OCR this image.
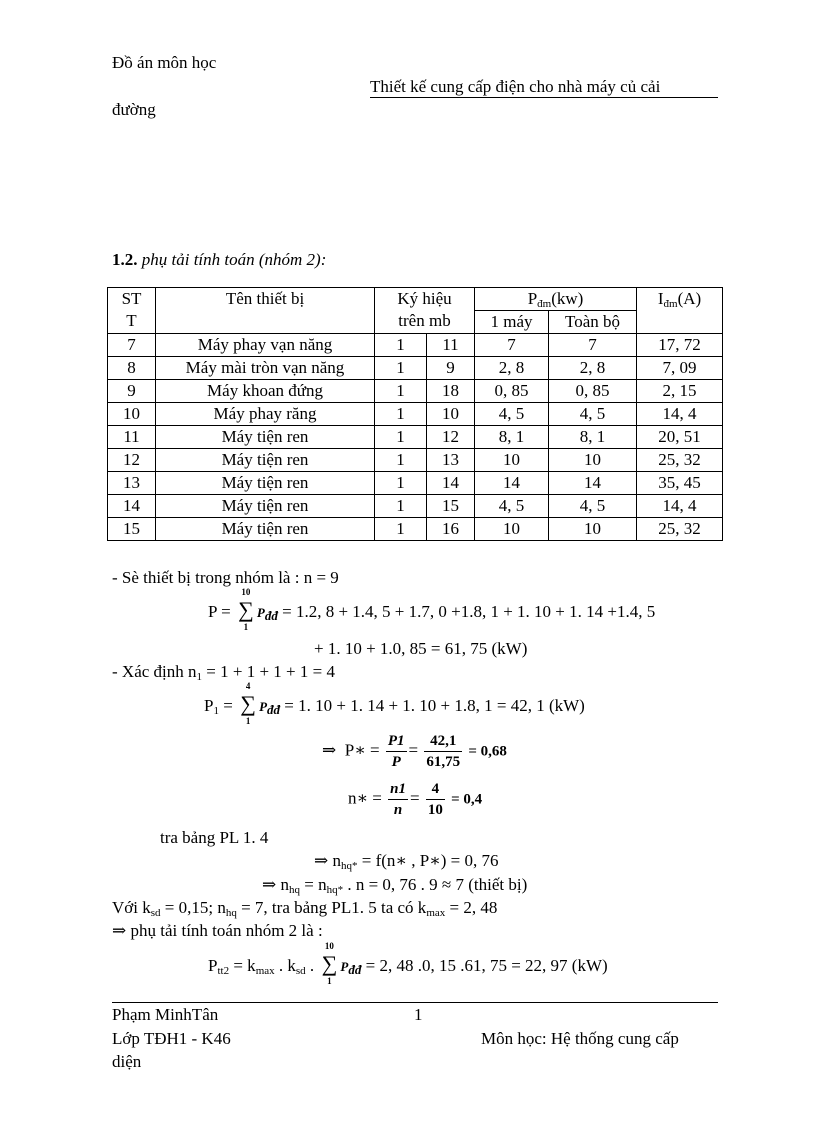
Đồ án môn học
Thiết kế cung cấp điện cho nhà máy củ cải
đường
1.2. phụ tải tính toán (nhóm 2):
ST
T	Tên thiết bị	Ký hiệu
trên mb		$P_{đm}(kw)$		$I_{đm}(A)$
				1 máy	Toàn bộ	
7	Máy phay vạn năng	1	11	7	7	17, 72
8	Máy mài tròn vạn năng	1	9	2, 8	2, 8	7, 09
9	Máy khoan đứng	1	18	0, 85	0, 85	2, 15
10	Máy phay răng	1	10	4, 5	4, 5	14, 4
11	Máy tiện ren	1	12	8, 1	8, 1	20, 51
12	Máy tiện ren	1	13	10	10	25, 32
13	Máy tiện ren	1	14	14	14	35, 45
14	Máy tiện ren	1	15	4, 5	4, 5	14, 4
15	Máy tiện ren	1	16	10	10	25, 32
- Sè thiết bị trong nhóm là : n = 9
P = ∑
10
1
$P_{đđ} = 1.2$, 8 + 1.4, 5 + 1.7, 0 +1.8, 1 + 1. 10 + 1. 14 +1.4, 5
+ 1. 10 + 1.0, 85 = 61, 75 (kW)
- Xác định $n_1 = 1 + 1 + 1 + 1 = 4$
$P_1$ = ∑
4
1
$P_{đđ} = 1$. 10 + 1. 14 + 1. 10 + 1.8, 1 = 42, 1 (kW)
⇒ P∗ = $\frac{P1}{P} = \frac{42,1}{61,75} = 0,68$
n∗ = $\frac{n1}{n} = \frac{4}{10} = 0,4$
tra bảng PL 1. 4
⇒ $n_{hq*}$ = f(n∗ , P∗) = 0, 76
⇒ $n_{hq} = n_{hq*}$ . n = 0, 76 . 9 ≈ 7 (thiết bị)
Với $k_{sd} = 0,15$; $n_{hq} = 7$, tra bảng PL1. 5 ta có $k_{max} = 2$, 48
⇒ phụ tải tính toán nhóm 2 là :
$P_{tt2} = k_{max}$ . $k_{sd}$ . ∑
10
1
$P_{đđ} = 2$, 48 .0, 15 .61, 75 = 22, 97 (kW)
Phạm MinhTân	1
Lớp TĐH1 - K46	Môn học: Hệ thống cung cấp
diện
